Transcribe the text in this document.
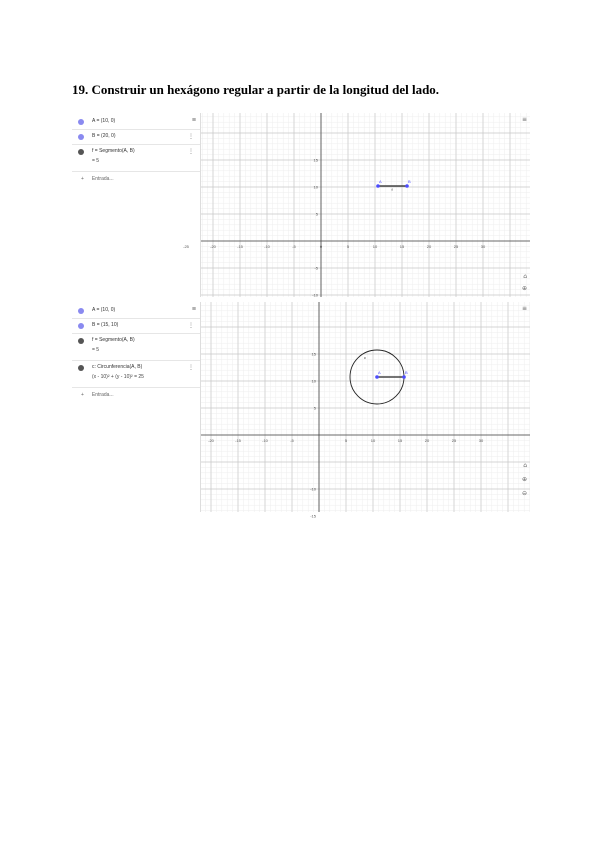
19. Construir un hexágono regular a partir de la longitud del lado.
≡
A = (10, 0)
B = (20, 0)	⋮
f = Segmento(A, B)
= 5
⋮
+ Entrada...
-25	-20	-15	-10	-5	0	5	10	15	20	25	30
15
10
5
-5
-10
A	B
f
≡
⌂
⊕
≡
A = (10, 0)
B = (15, 10)	⋮
f = Segmento(A, B)
= 5
c: Circunferencia(A, B)
(x - 10)² + (y - 10)² = 25
⋮
+ Entrada...
-20	-15	-10	-5	5	10	15	20	25	30
15
10
5
-10
-15
A	B
c
≡
⌂
⊕
⊖
